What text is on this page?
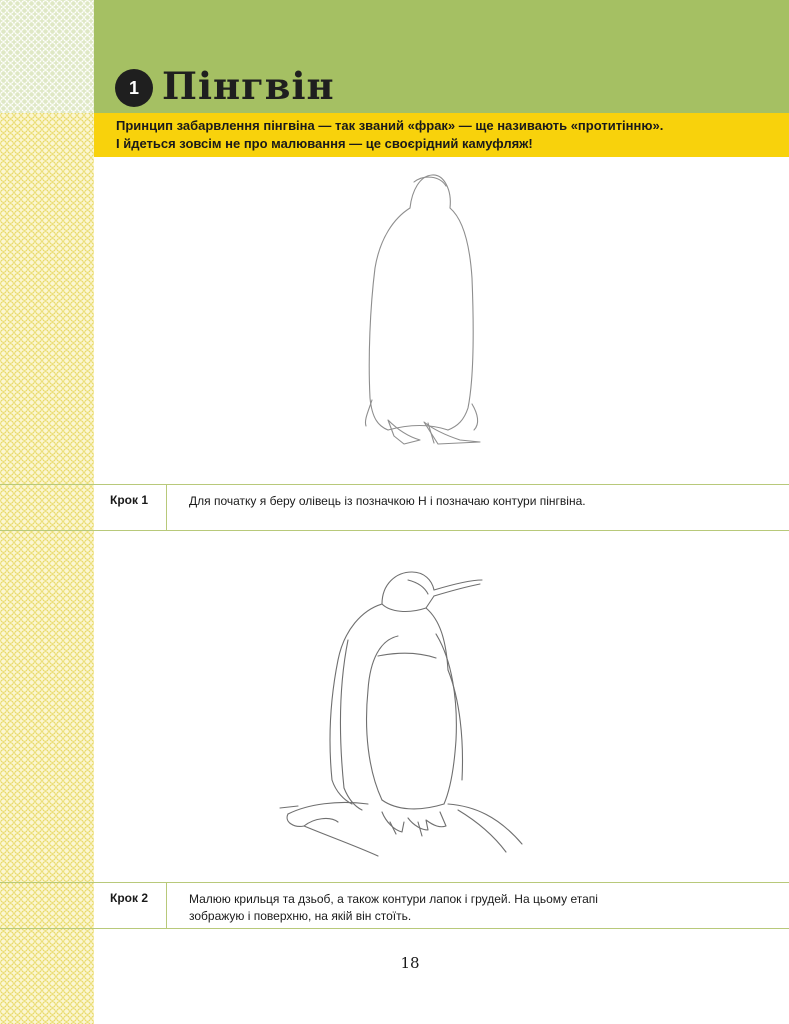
1 Пінгвін

Принцип забарвлення пінгвіна — так званий «фрак» — ще називають «протитінню».
І йдеться зовсім не про малювання — це своєрідний камуфляж!

Крок 1	Для початку я беру олівець із позначкою H і позначаю контури пінгвіна.
Крок 2	Малюю крильця та дзьоб, а також контури лапок і грудей. На цьому етапі
зображую і поверхню, на якій він стоїть.
18
